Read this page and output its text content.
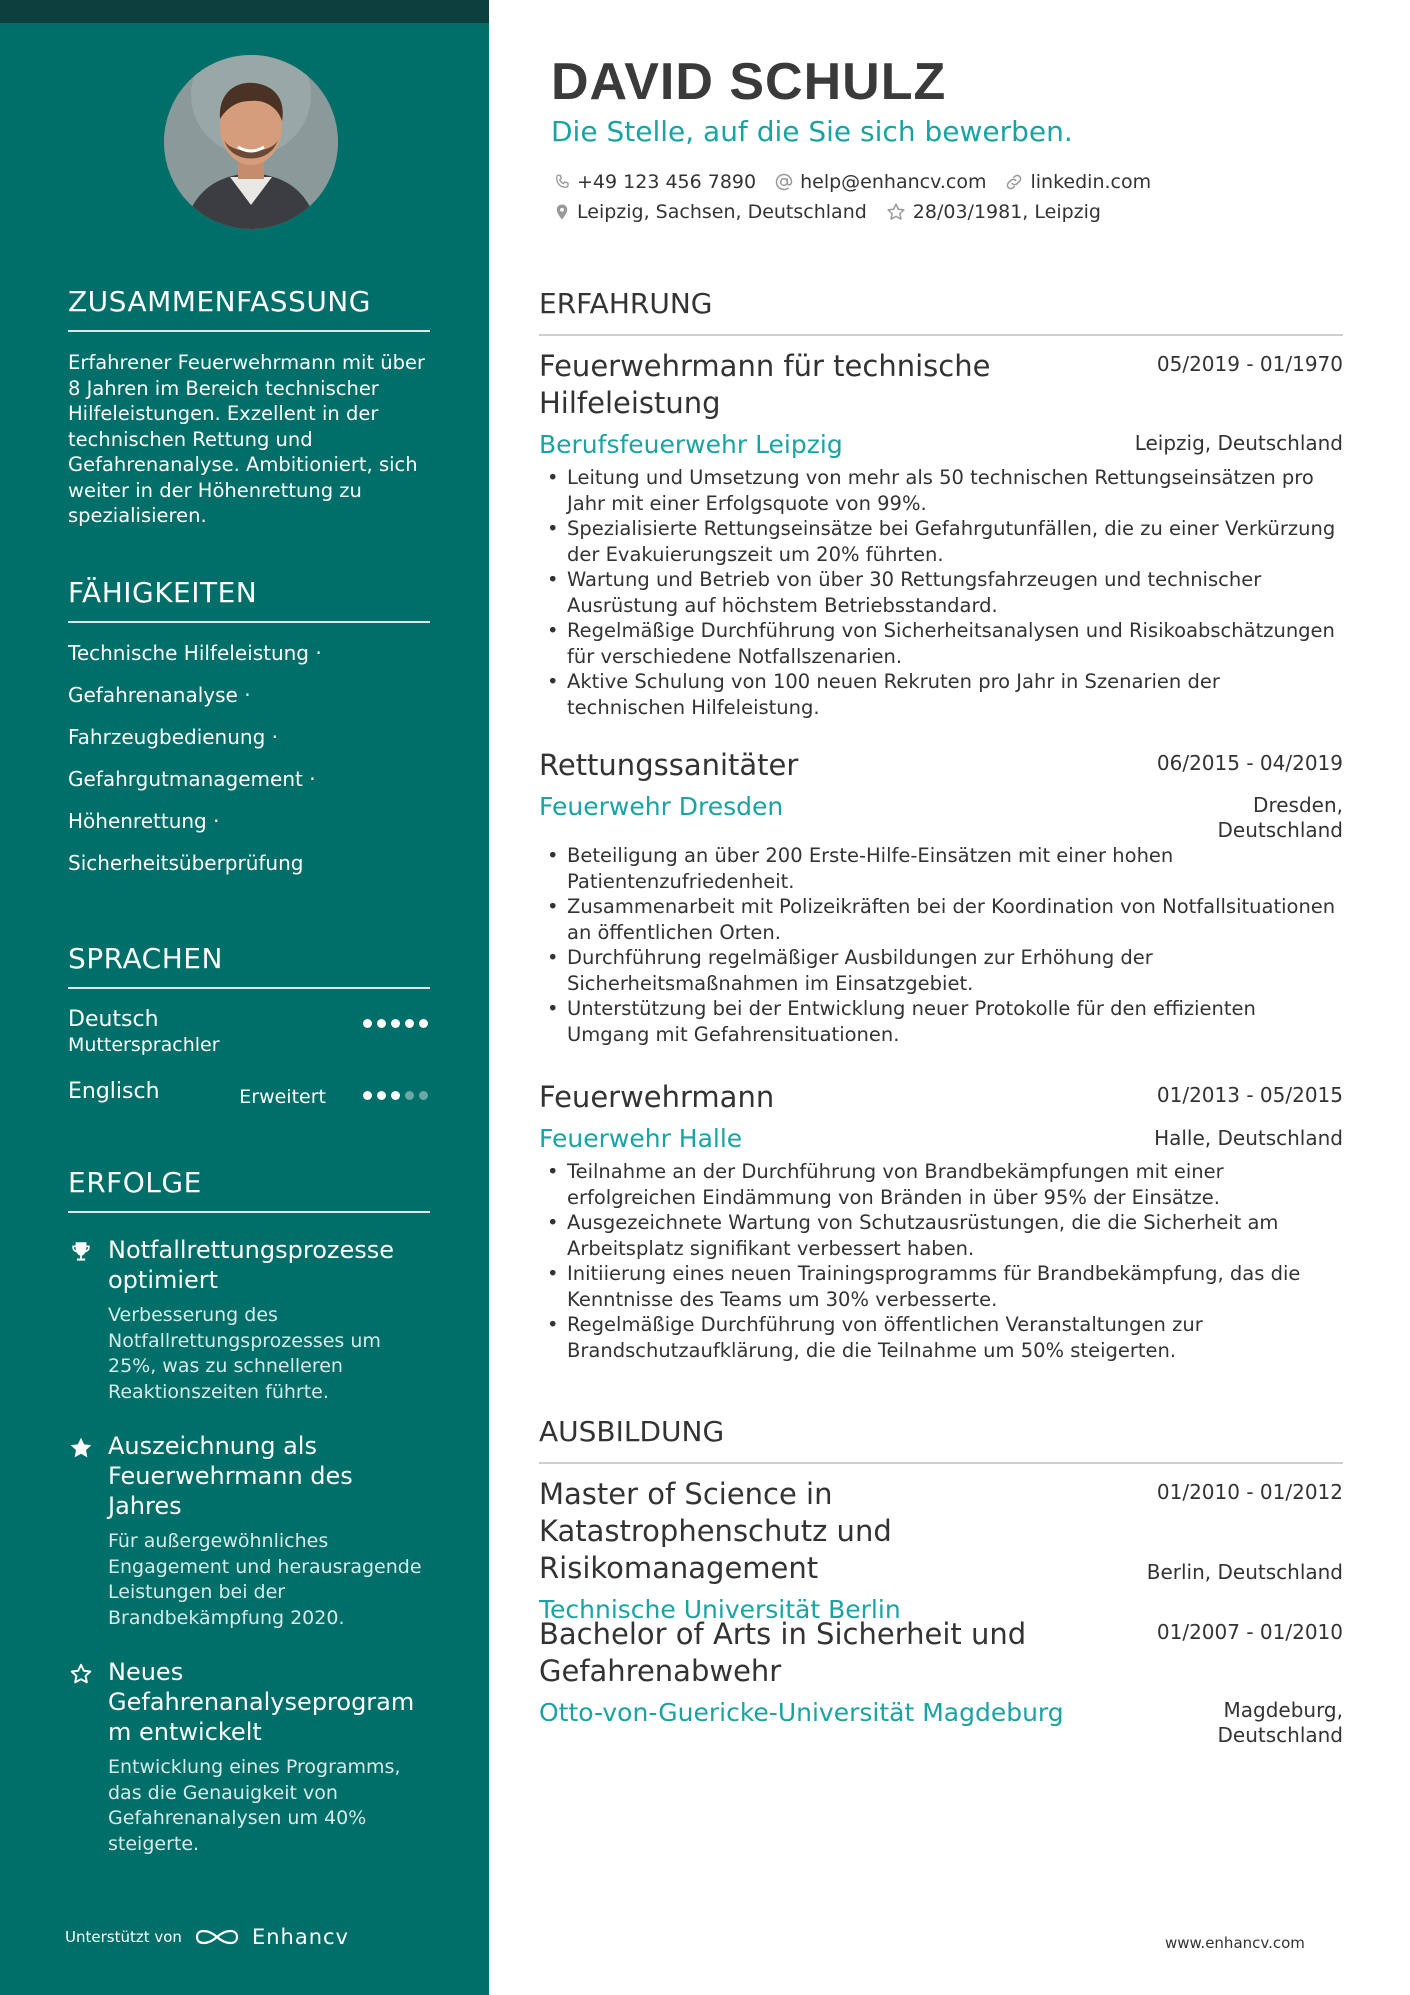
ZUSAMMENFASSUNG
Erfahrener Feuerwehrmann mit über 8 Jahren im Bereich technischer Hilfeleistungen. Exzellent in der technischen Rettung und Gefahrenanalyse. Ambitioniert, sich weiter in der Höhenrettung zu spezialisieren.
FÄHIGKEITEN
Technische Hilfeleistung ·
Gefahrenanalyse ·
Fahrzeugbedienung ·
Gefahrgutmanagement ·
Höhenrettung ·
Sicherheitsüberprüfung
SPRACHEN
Deutsch
Muttersprachler
Englisch	Erweitert
ERFOLGE
Notfallrettungsprozesse optimiert
Verbesserung des Notfallrettungsprozesses um 25%, was zu schnelleren Reaktionszeiten führte.
Auszeichnung als Feuerwehrmann des Jahres
Für außergewöhnliches Engagement und herausragende Leistungen bei der Brandbekämpfung 2020.
Neues Gefahrenanalyseprogram m entwickelt
Entwicklung eines Programms, das die Genauigkeit von Gefahrenanalysen um 40% steigerte.
Unterstützt von	Enhancv
DAVID SCHULZ
Die Stelle, auf die Sie sich bewerben.
+49 123 456 7890 help@enhancv.com linkedin.com
Leipzig, Sachsen, Deutschland 28/03/1981, Leipzig
ERFAHRUNG
Feuerwehrmann für technische Hilfeleistung
05/2019 - 01/1970
Berufsfeuerwehr Leipzig	Leipzig, Deutschland
• Leitung und Umsetzung von mehr als 50 technischen Rettungseinsätzen pro Jahr mit einer Erfolgsquote von 99%.
• Spezialisierte Rettungseinsätze bei Gefahrgutunfällen, die zu einer Verkürzung der Evakuierungszeit um 20% führten.
• Wartung und Betrieb von über 30 Rettungsfahrzeugen und technischer Ausrüstung auf höchstem Betriebsstandard.
• Regelmäßige Durchführung von Sicherheitsanalysen und Risikoabschätzungen für verschiedene Notfallszenarien.
• Aktive Schulung von 100 neuen Rekruten pro Jahr in Szenarien der technischen Hilfeleistung.
Rettungssanitäter	06/2015 - 04/2019
Feuerwehr Dresden	Dresden,
Deutschland
• Beteiligung an über 200 Erste-Hilfe-Einsätzen mit einer hohen Patientenzufriedenheit.
• Zusammenarbeit mit Polizeikräften bei der Koordination von Notfallsituationen an öffentlichen Orten.
• Durchführung regelmäßiger Ausbildungen zur Erhöhung der Sicherheitsmaßnahmen im Einsatzgebiet.
• Unterstützung bei der Entwicklung neuer Protokolle für den effizienten Umgang mit Gefahrensituationen.
Feuerwehrmann	01/2013 - 05/2015
Feuerwehr Halle	Halle, Deutschland
• Teilnahme an der Durchführung von Brandbekämpfungen mit einer erfolgreichen Eindämmung von Bränden in über 95% der Einsätze.
• Ausgezeichnete Wartung von Schutzausrüstungen, die die Sicherheit am Arbeitsplatz signifikant verbessert haben.
• Initiierung eines neuen Trainingsprogramms für Brandbekämpfung, das die Kenntnisse des Teams um 30% verbesserte.
• Regelmäßige Durchführung von öffentlichen Veranstaltungen zur Brandschutzaufklärung, die die Teilnahme um 50% steigerten.
AUSBILDUNG
Master of Science in Katastrophenschutz und Risikomanagement
01/2010 - 01/2012
Technische Universität Berlin
Berlin, Deutschland
Bachelor of Arts in Sicherheit und Gefahrenabwehr
01/2007 - 01/2010
Otto-von-Guericke-Universität Magdeburg	Magdeburg,
Deutschland
www.enhancv.com
